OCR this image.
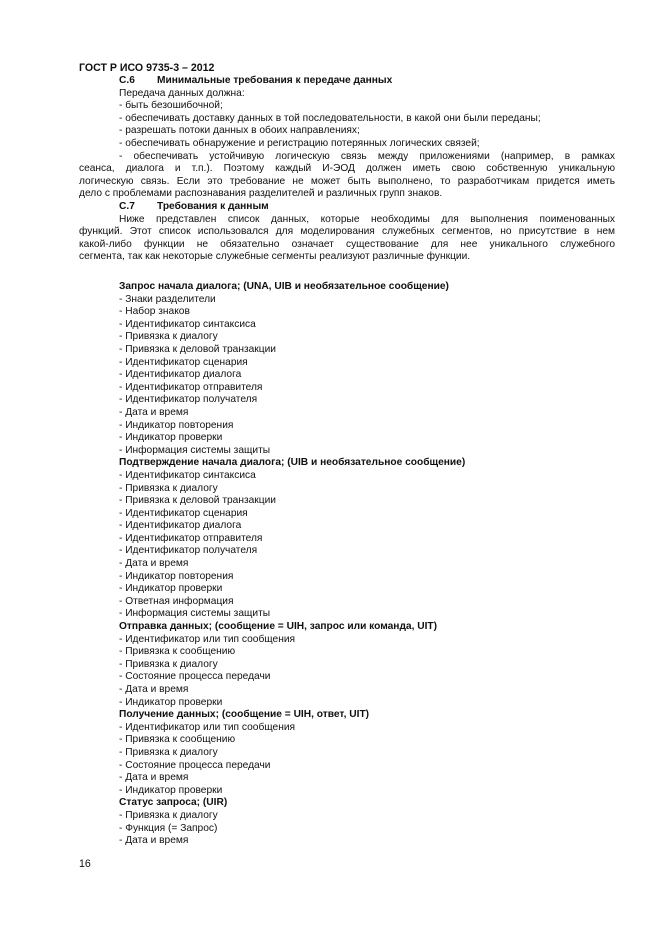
ГОСТ Р ИСО 9735-3 – 2012
С.6 Минимальные требования к передаче данных
Передача данных должна:
- быть безошибочной;
- обеспечивать доставку данных в той последовательности, в какой они были переданы;
- разрешать потоки данных в обоих направлениях;
- обеспечивать обнаружение и регистрацию потерянных логических связей;
- обеспечивать устойчивую логическую связь между приложениями (например, в рамках
сеанса, диалога и т.п.). Поэтому каждый И-ЭОД должен иметь свою собственную уникальную
логическую связь. Если это требование не может быть выполнено, то разработчикам придется иметь
дело с проблемами распознавания разделителей и различных групп знаков.
С.7 Требования к данным
Ниже представлен список данных, которые необходимы для выполнения поименованных
функций. Этот список использовался для моделирования служебных сегментов, но присутствие в нем
какой-либо функции не обязательно означает существование для нее уникального служебного
сегмента, так как некоторые служебные сегменты реализуют различные функции.
Запрос начала диалога; (UNA, UIB и необязательное сообщение)
- Знаки разделители
- Набор знаков
- Идентификатор синтаксиса
- Привязка к диалогу
- Привязка к деловой транзакции
- Идентификатор сценария
- Идентификатор диалога
- Идентификатор отправителя
- Идентификатор получателя
- Дата и время
- Индикатор повторения
- Индикатор проверки
- Информация системы защиты
Подтверждение начала диалога; (UIB и необязательное сообщение)
- Идентификатор синтаксиса
- Привязка к диалогу
- Привязка к деловой транзакции
- Идентификатор сценария
- Идентификатор диалога
- Идентификатор отправителя
- Идентификатор получателя
- Дата и время
- Индикатор повторения
- Индикатор проверки
- Ответная информация
- Информация системы защиты
Отправка данных; (сообщение = UIH, запрос или команда, UIT)
- Идентификатор или тип сообщения
- Привязка к сообщению
- Привязка к диалогу
- Состояние процесса передачи
- Дата и время
- Индикатор проверки
Получение данных; (сообщение = UIH, ответ, UIT)
- Идентификатор или тип сообщения
- Привязка к сообщению
- Привязка к диалогу
- Состояние процесса передачи
- Дата и время
- Индикатор проверки
Статус запроса; (UIR)
- Привязка к диалогу
- Функция (= Запрос)
- Дата и время
16
